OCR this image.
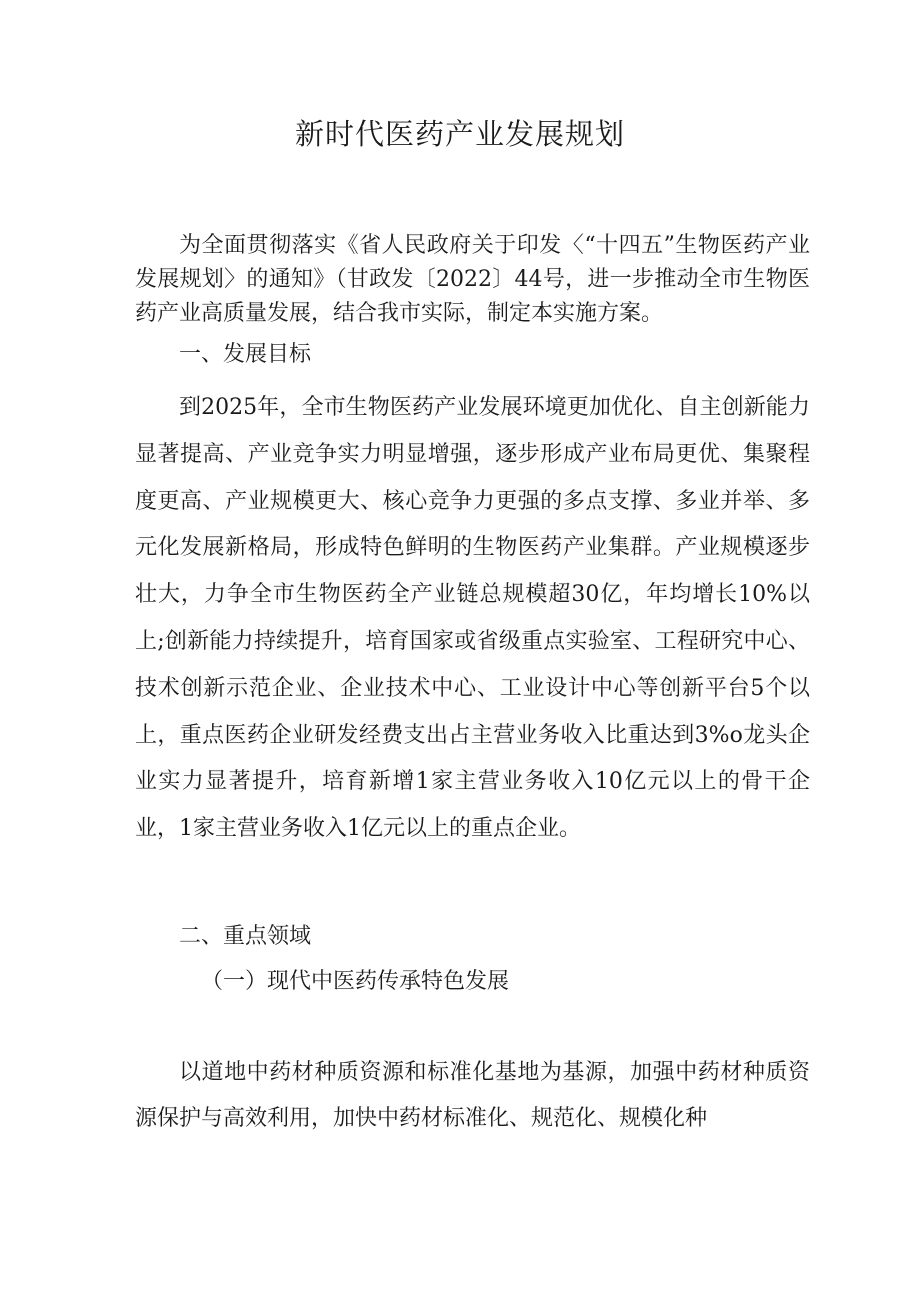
新时代医药产业发展规划

为全面贯彻落实《省人民政府关于印发〈“十四五”生物医药产业发展规划〉的通知》（甘政发〔2022〕44号，进一步推动全市生物医药产业高质量发展，结合我市实际，制定本实施方案。

一、发展目标

到2025年，全市生物医药产业发展环境更加优化、自主创新能力显著提高、产业竞争实力明显增强，逐步形成产业布局更优、集聚程度更高、产业规模更大、核心竞争力更强的多点支撑、多业并举、多元化发展新格局，形成特色鲜明的生物医药产业集群。产业规模逐步壮大，力争全市生物医药全产业链总规模超30亿，年均增长10%以上;创新能力持续提升，培育国家或省级重点实验室、工程研究中心、技术创新示范企业、企业技术中心、工业设计中心等创新平台5个以上，重点医药企业研发经费支出占主营业务收入比重达到3%o龙头企业实力显著提升，培育新增1家主营业务收入10亿元以上的骨干企业，1家主营业务收入1亿元以上的重点企业。

二、重点领域

（一）现代中医药传承特色发展

以道地中药材种质资源和标准化基地为基源，加强中药材种质资源保护与高效利用，加快中药材标准化、规范化、规模化种
